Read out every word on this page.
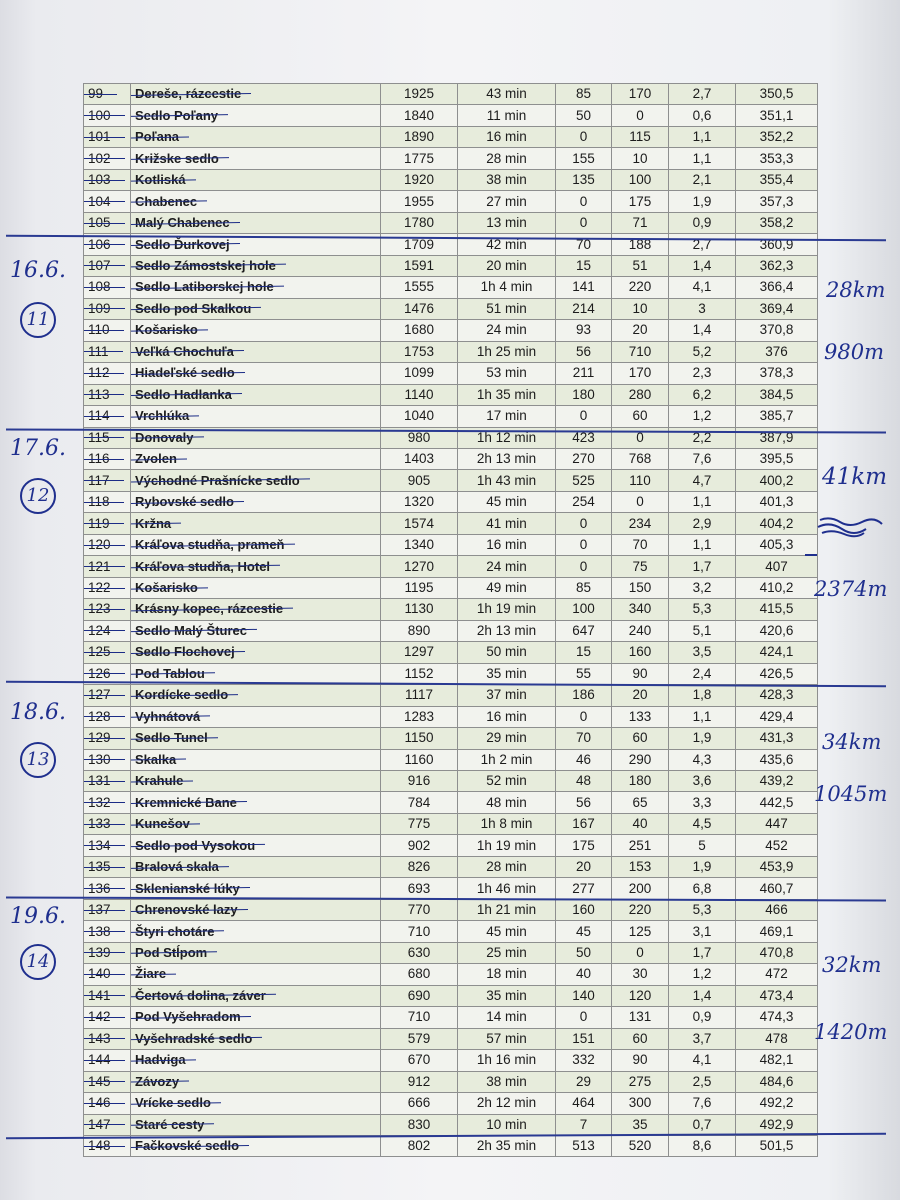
99	Dereše, rázcestie	1925	43 min	85	170	2,7	350,5
100	Sedlo Poľany	1840	11 min	50	0	0,6	351,1
101	Poľana	1890	16 min	0	115	1,1	352,2
102	Križske sedlo	1775	28 min	155	10	1,1	353,3
103	Kotliská	1920	38 min	135	100	2,1	355,4
104	Chabenec	1955	27 min	0	175	1,9	357,3
105	Malý Chabenec	1780	13 min	0	71	0,9	358,2
106	Sedlo Ďurkovej	1709	42 min	70	188	2,7	360,9
107	Sedlo Zámostskej hole	1591	20 min	15	51	1,4	362,3
108	Sedlo Latiborskej hole	1555	1h 4 min	141	220	4,1	366,4
109	Sedlo pod Skalkou	1476	51 min	214	10	3	369,4
110	Košarisko	1680	24 min	93	20	1,4	370,8
111	Veľká Chochuľa	1753	1h 25 min	56	710	5,2	376
112	Hiadeľské sedlo	1099	53 min	211	170	2,3	378,3
113	Sedlo Hadlanka	1140	1h 35 min	180	280	6,2	384,5
114	Vrchlúka	1040	17 min	0	60	1,2	385,7
115	Donovaly	980	1h 12 min	423	0	2,2	387,9
116	Zvolen	1403	2h 13 min	270	768	7,6	395,5
117	Východné Prašnícke sedlo	905	1h 43 min	525	110	4,7	400,2
118	Rybovské sedlo	1320	45 min	254	0	1,1	401,3
119	Kržna	1574	41 min	0	234	2,9	404,2
120	Kráľova studňa, prameň	1340	16 min	0	70	1,1	405,3
121	Kráľova studňa, Hotel	1270	24 min	0	75	1,7	407
122	Košarisko	1195	49 min	85	150	3,2	410,2
123	Krásny kopec, rázcestie	1130	1h 19 min	100	340	5,3	415,5
124	Sedlo Malý Šturec	890	2h 13 min	647	240	5,1	420,6
125	Sedlo Flochovej	1297	50 min	15	160	3,5	424,1
126	Pod Tablou	1152	35 min	55	90	2,4	426,5
127	Kordícke sedlo	1117	37 min	186	20	1,8	428,3
128	Vyhnátová	1283	16 min	0	133	1,1	429,4
129	Sedlo Tunel	1150	29 min	70	60	1,9	431,3
130	Skalka	1160	1h 2 min	46	290	4,3	435,6
131	Krahule	916	52 min	48	180	3,6	439,2
132	Kremnické Bane	784	48 min	56	65	3,3	442,5
133	Kunešov	775	1h 8 min	167	40	4,5	447
134	Sedlo pod Vysokou	902	1h 19 min	175	251	5	452
135	Bralová skala	826	28 min	20	153	1,9	453,9
136	Sklenianské lúky	693	1h 46 min	277	200	6,8	460,7
137	Chrenovské lazy	770	1h 21 min	160	220	5,3	466
138	Štyri chotáre	710	45 min	45	125	3,1	469,1
139	Pod Stĺpom	630	25 min	50	0	1,7	470,8
140	Žiare	680	18 min	40	30	1,2	472
141	Čertová dolina, záver	690	35 min	140	120	1,4	473,4
142	Pod Vyšehradom	710	14 min	0	131	0,9	474,3
143	Vyšehradské sedlo	579	57 min	151	60	3,7	478
144	Hadviga	670	1h 16 min	332	90	4,1	482,1
145	Závozy	912	38 min	29	275	2,5	484,6
146	Vrícke sedlo	666	2h 12 min	464	300	7,6	492,2
147	Staré cesty	830	10 min	7	35	0,7	492,9
148	Fačkovské sedlo	802	2h 35 min	513	520	8,6	501,5
16.6.
11
28km
980m
17.6.
12
41km
2374m
18.6.
13
34km
1045m
19.6.
14	32km
1420m
